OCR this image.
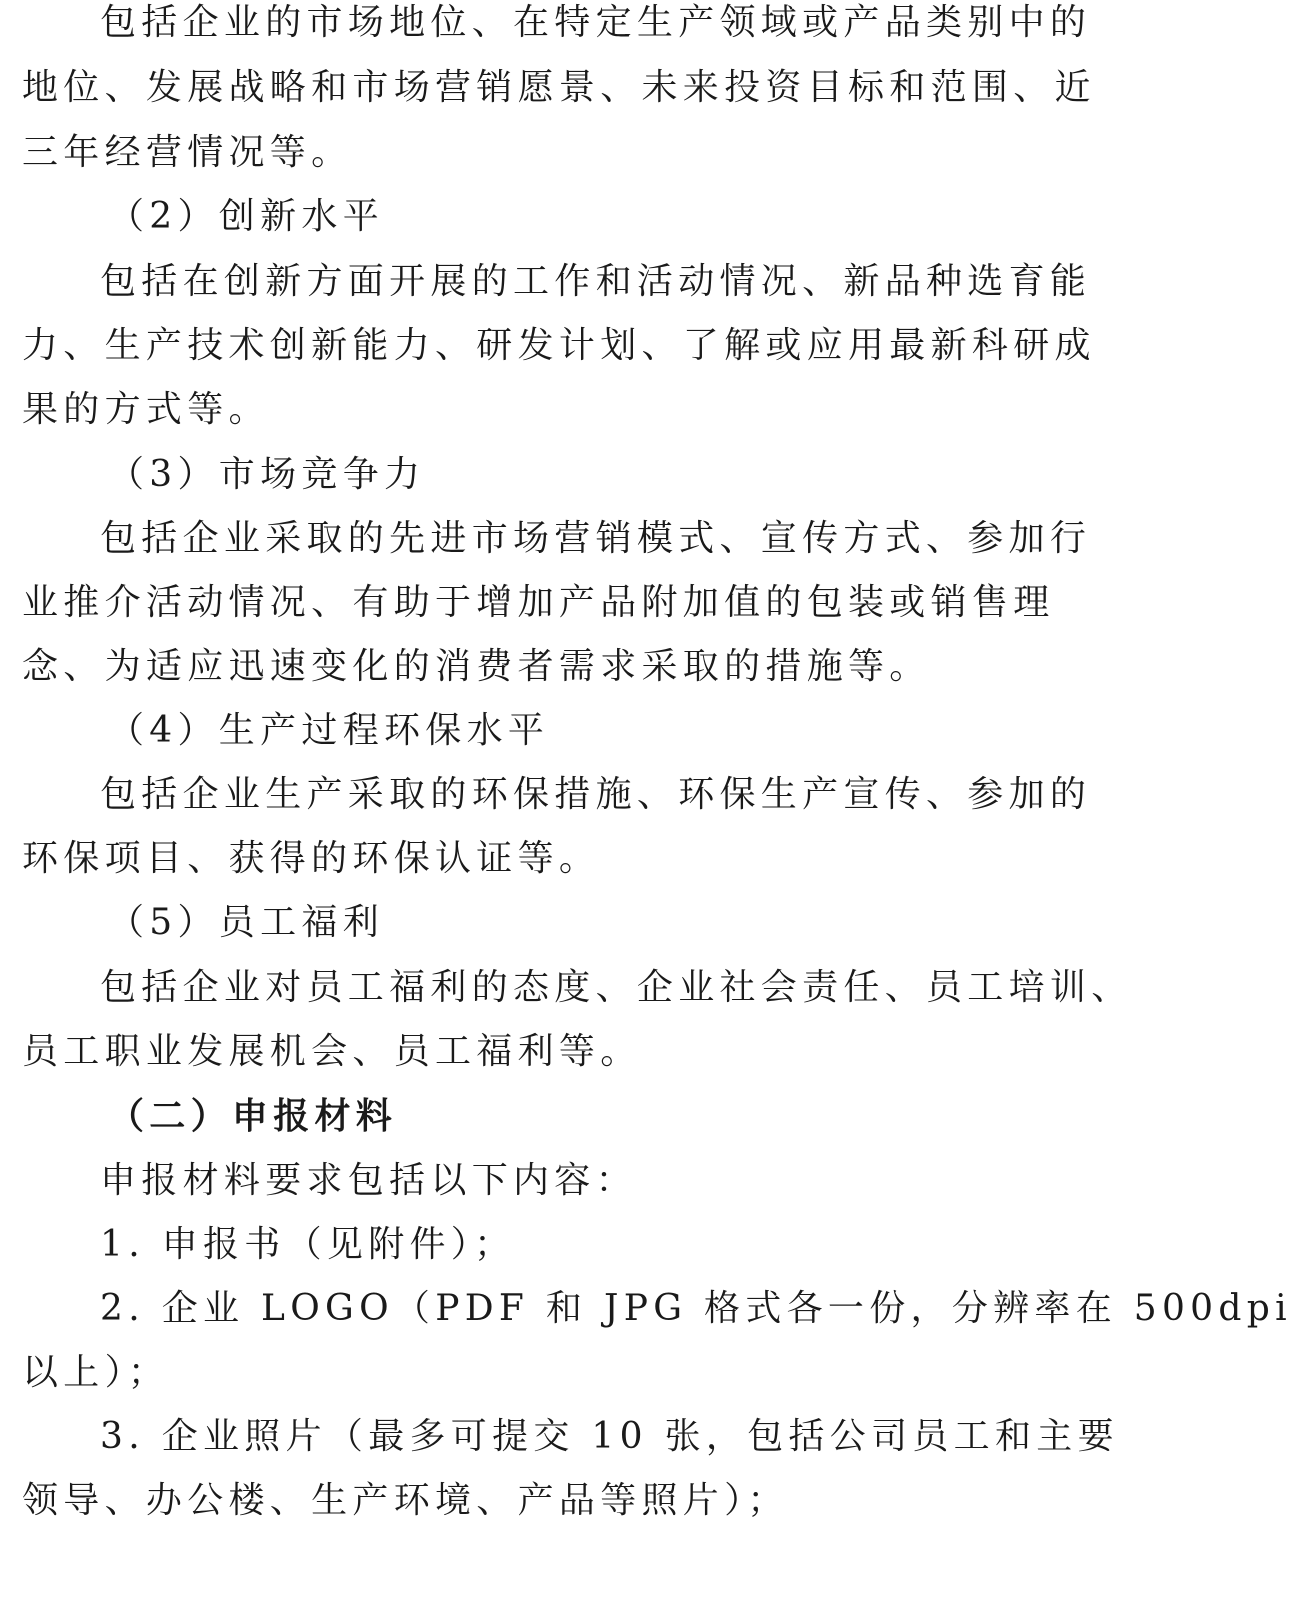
包括企业的市场地位、在特定生产领域或产品类别中的
地位、发展战略和市场营销愿景、未来投资目标和范围、近
三年经营情况等。
（2）创新水平
包括在创新方面开展的工作和活动情况、新品种选育能
力、生产技术创新能力、研发计划、了解或应用最新科研成
果的方式等。
（3）市场竞争力
包括企业采取的先进市场营销模式、宣传方式、参加行
业推介活动情况、有助于增加产品附加值的包装或销售理
念、为适应迅速变化的消费者需求采取的措施等。
（4）生产过程环保水平
包括企业生产采取的环保措施、环保生产宣传、参加的
环保项目、获得的环保认证等。
（5）员工福利
包括企业对员工福利的态度、企业社会责任、员工培训、
员工职业发展机会、员工福利等。
（二）申报材料
申报材料要求包括以下内容：
1. 申报书（见附件）；
2. 企业 LOGO（PDF 和 JPG 格式各一份，分辨率在 500dpi
以上）；
3. 企业照片（最多可提交 10 张，包括公司员工和主要
领导、办公楼、生产环境、产品等照片）；
